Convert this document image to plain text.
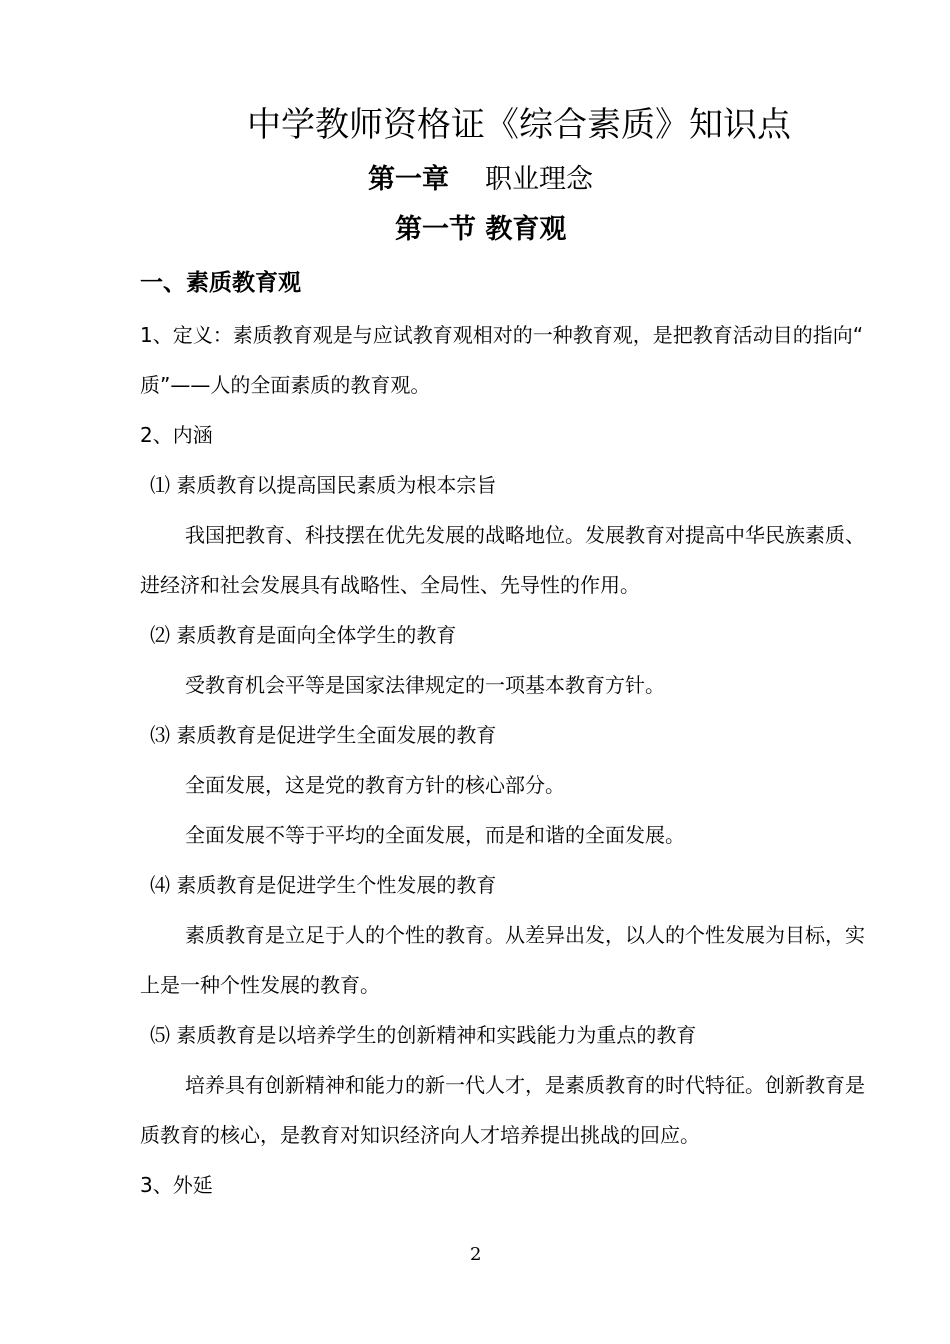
中学教师资格证《综合素质》知识点
第一章 职业理念
第一节 教育观
一、素质教育观
1、定义：素质教育观是与应试教育观相对的一种教育观，是把教育活动目的指向“
质”——人的全面素质的教育观。
2、内涵
⑴ 素质教育以提高国民素质为根本宗旨
我国把教育、科技摆在优先发展的战略地位。发展教育对提高中华民族素质、
进经济和社会发展具有战略性、全局性、先导性的作用。
⑵ 素质教育是面向全体学生的教育
受教育机会平等是国家法律规定的一项基本教育方针。
⑶ 素质教育是促进学生全面发展的教育
全面发展，这是党的教育方针的核心部分。
全面发展不等于平均的全面发展，而是和谐的全面发展。
⑷ 素质教育是促进学生个性发展的教育
素质教育是立足于人的个性的教育。从差异出发，以人的个性发展为目标，实
上是一种个性发展的教育。
⑸ 素质教育是以培养学生的创新精神和实践能力为重点的教育
培养具有创新精神和能力的新一代人才，是素质教育的时代特征。创新教育是
质教育的核心，是教育对知识经济向人才培养提出挑战的回应。
3、外延
2
